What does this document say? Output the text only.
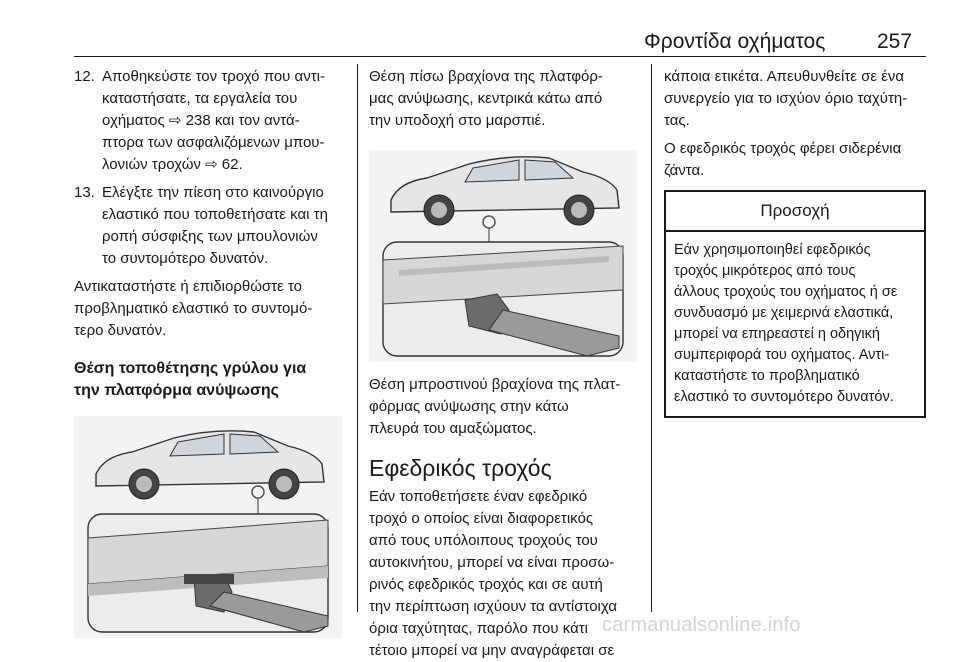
Φροντίδα οχήματος 257
12. Αποθηκεύστε τον τροχό που αντι-
καταστήσατε, τα εργαλεία του
οχήματος ⇨ 238 και τον αντά-
πτορα των ασφαλιζόμενων μπου-
λονιών τροχών ⇨ 62.
13. Ελέγξτε την πίεση στο καινούργιο
ελαστικό που τοποθετήσατε και τη
ροπή σύσφιξης των μπουλονιών
το συντομότερο δυνατόν.
Αντικαταστήστε ή επιδιορθώστε το
προβληματικό ελαστικό το συντομό-
τερο δυνατόν.
Θέση τοποθέτησης γρύλου για
την πλατφόρμα ανύψωσης
Θέση πίσω βραχίονα της πλατφόρ-
μας ανύψωσης, κεντρικά κάτω από
την υποδοχή στο μαρσπιέ.
Θέση μπροστινού βραχίονα της πλατ-
φόρμας ανύψωσης στην κάτω
πλευρά του αμαξώματος.
Εφεδρικός τροχός
Εάν τοποθετήσετε έναν εφεδρικό
τροχό ο οποίος είναι διαφορετικός
από τους υπόλοιπους τροχούς του
αυτοκινήτου, μπορεί να είναι προσω-
ρινός εφεδρικός τροχός και σε αυτή
την περίπτωση ισχύουν τα αντίστοιχα
όρια ταχύτητας, παρόλο που κάτι
τέτοιο μπορεί να μην αναγράφεται σε
κάποια ετικέτα. Απευθυνθείτε σε ένα
συνεργείο για το ισχύον όριο ταχύτη-
τας.
Ο εφεδρικός τροχός φέρει σιδερένια
ζάντα.
Προσοχή
Εάν χρησιμοποιηθεί εφεδρικός
τροχός μικρότερος από τους
άλλους τροχούς του οχήματος ή σε
συνδυασμό με χειμερινά ελαστικά,
μπορεί να επηρεαστεί η οδηγική
συμπεριφορά του οχήματος. Αντι-
καταστήστε το προβληματικό
ελαστικό το συντομότερο δυνατόν.
carmanualsonline.info
